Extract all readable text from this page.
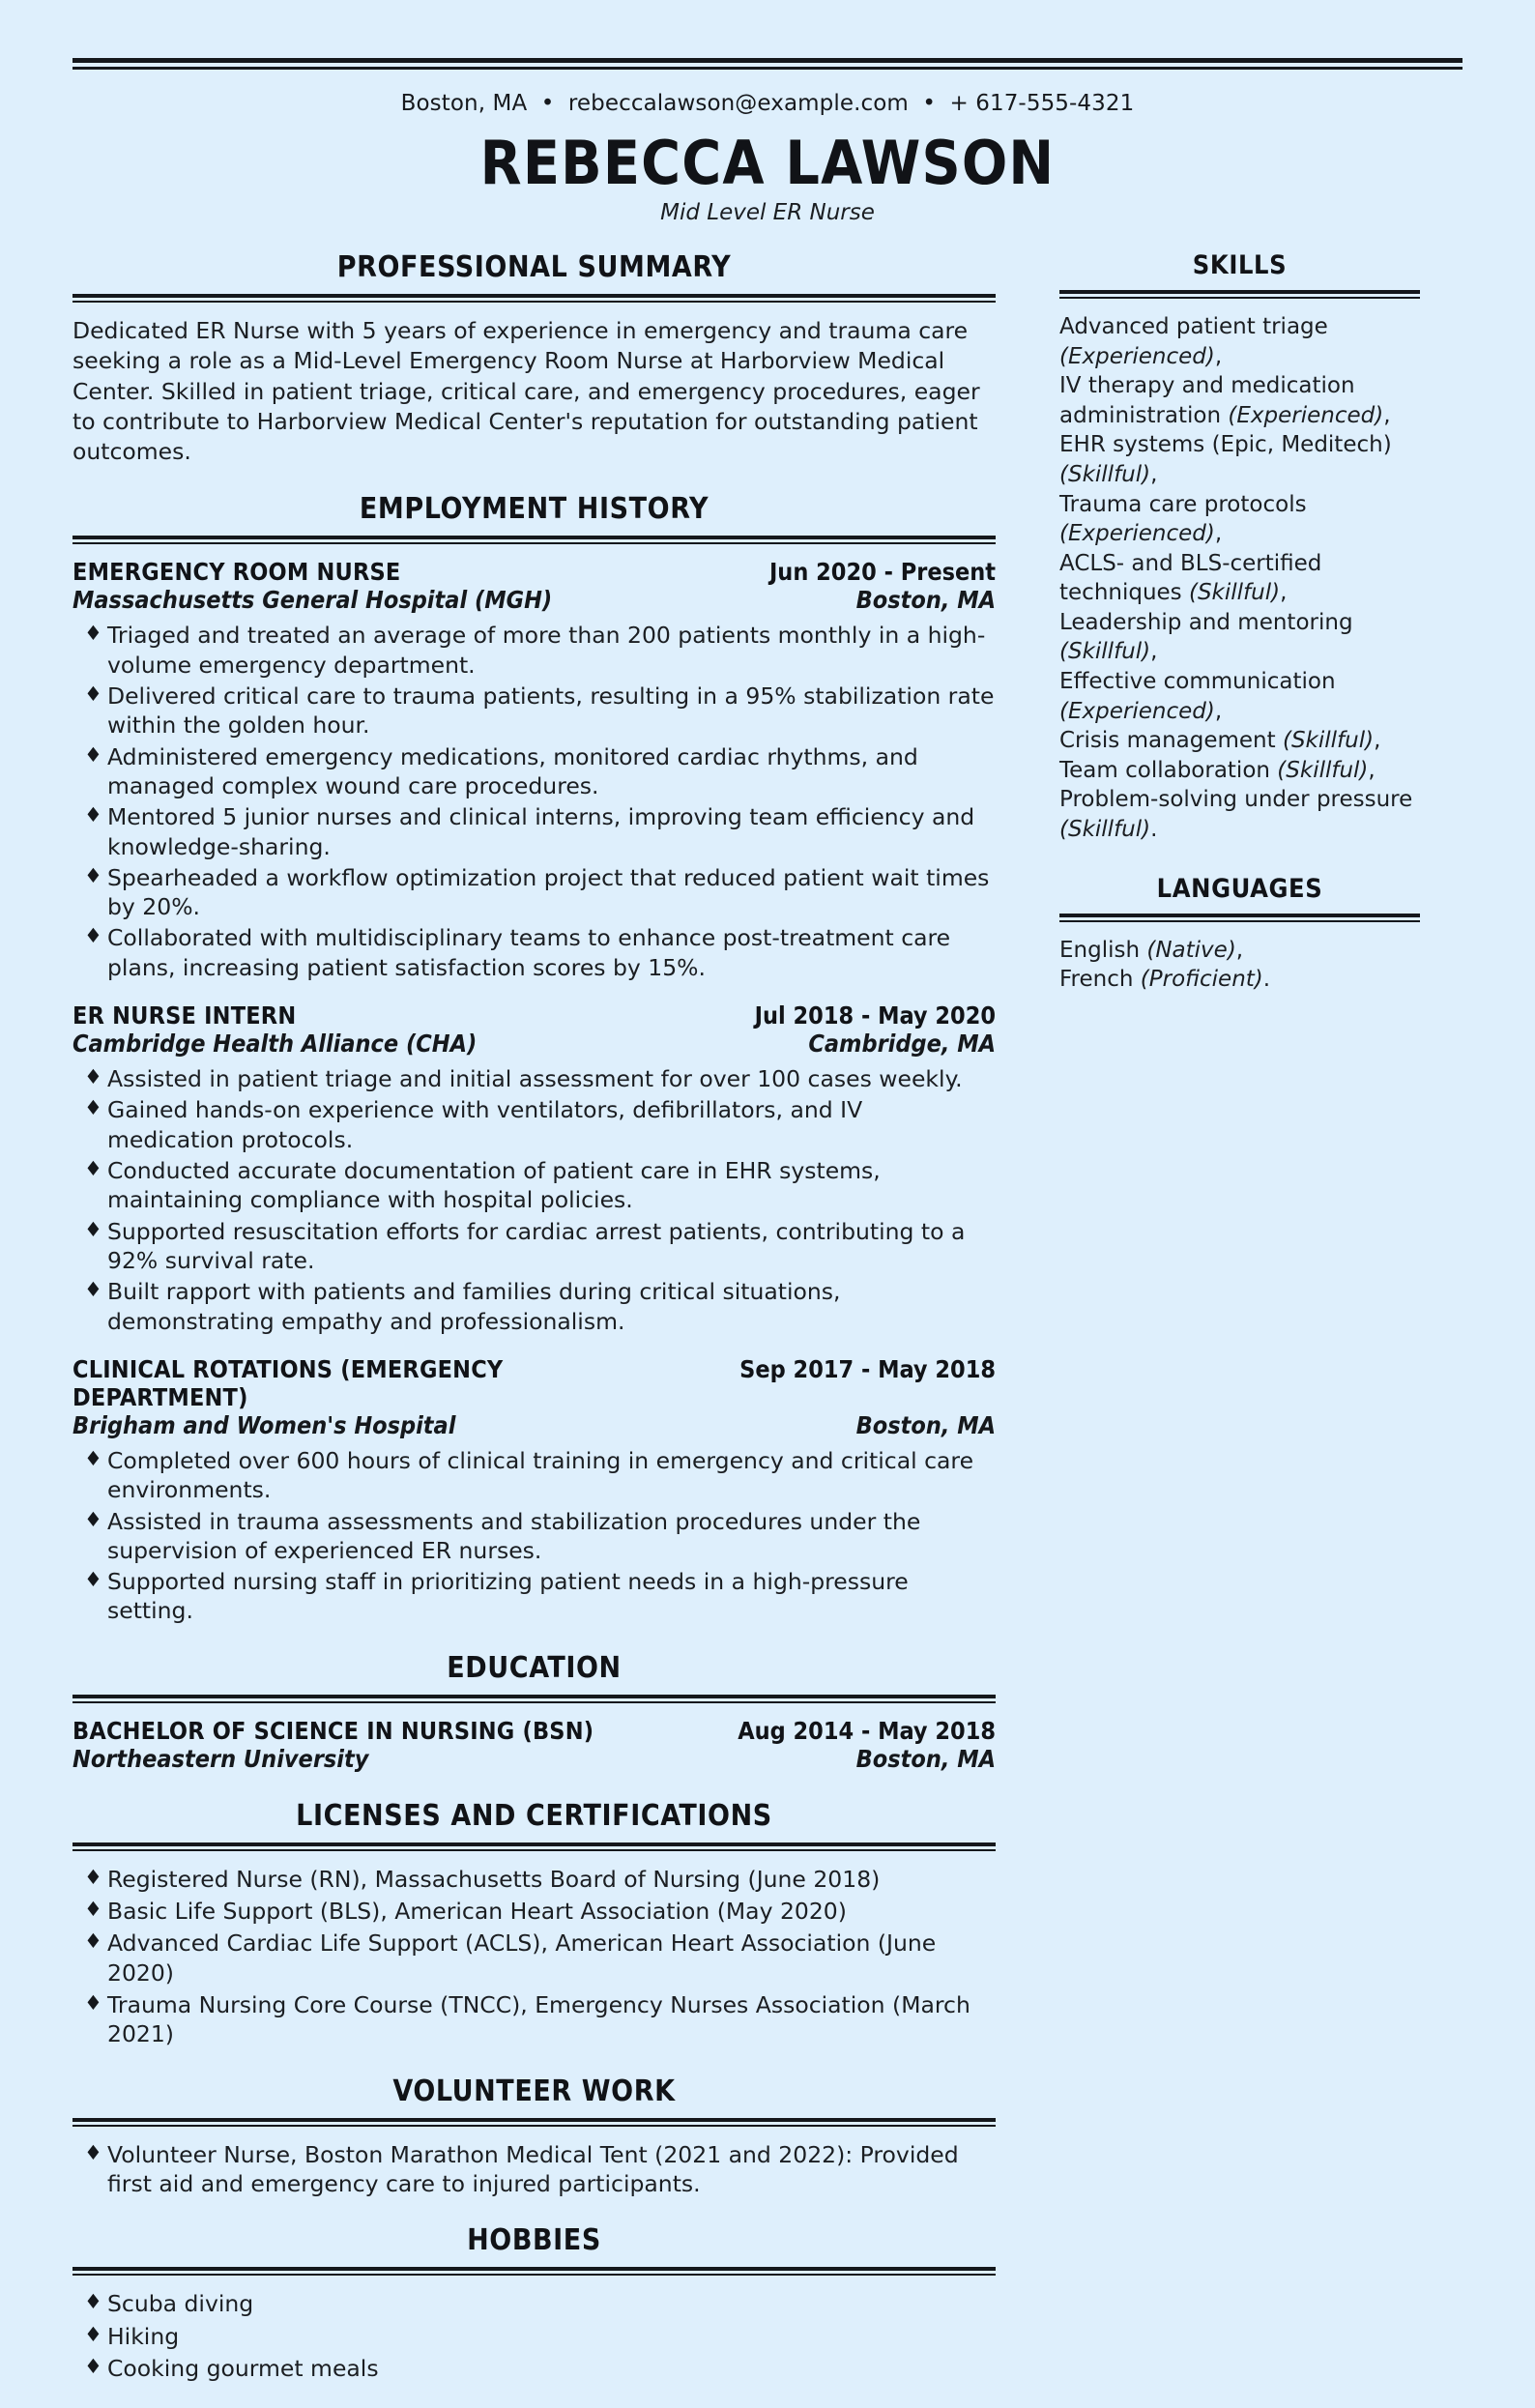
Boston, MA • rebeccalawson@example.com • + 617-555-4321
REBECCA LAWSON
Mid Level ER Nurse
PROFESSIONAL SUMMARY

Dedicated ER Nurse with 5 years of experience in emergency and trauma care seeking a role as a Mid-Level Emergency Room Nurse at Harborview Medical Center. Skilled in patient triage, critical care, and emergency procedures, eager to contribute to Harborview Medical Center's reputation for outstanding patient outcomes.

EMPLOYMENT HISTORY
EMERGENCY ROOM NURSE	Jun 2020 - Present
Massachusetts General Hospital (MGH)	Boston, MA
♦ Triaged and treated an average of more than 200 patients monthly in a high-volume emergency department.
♦ Delivered critical care to trauma patients, resulting in a 95% stabilization rate within the golden hour.
♦ Administered emergency medications, monitored cardiac rhythms, and managed complex wound care procedures.
♦ Mentored 5 junior nurses and clinical interns, improving team efficiency and knowledge-sharing.
♦ Spearheaded a workflow optimization project that reduced patient wait times by 20%.
♦ Collaborated with multidisciplinary teams to enhance post-treatment care plans, increasing patient satisfaction scores by 15%.
ER NURSE INTERN	Jul 2018 - May 2020
Cambridge Health Alliance (CHA)	Cambridge, MA
♦ Assisted in patient triage and initial assessment for over 100 cases weekly.
♦ Gained hands-on experience with ventilators, defibrillators, and IV medication protocols.
♦ Conducted accurate documentation of patient care in EHR systems, maintaining compliance with hospital policies.
♦ Supported resuscitation efforts for cardiac arrest patients, contributing to a 92% survival rate.
♦ Built rapport with patients and families during critical situations, demonstrating empathy and professionalism.
CLINICAL ROTATIONS (EMERGENCY DEPARTMENT)
Sep 2017 - May 2018
Brigham and Women's Hospital	Boston, MA
♦ Completed over 600 hours of clinical training in emergency and critical care environments.
♦ Assisted in trauma assessments and stabilization procedures under the supervision of experienced ER nurses.
♦ Supported nursing staff in prioritizing patient needs in a high-pressure setting.
EDUCATION
BACHELOR OF SCIENCE IN NURSING (BSN)	Aug 2014 - May 2018
Northeastern University	Boston, MA
LICENSES AND CERTIFICATIONS
♦ Registered Nurse (RN), Massachusetts Board of Nursing (June 2018)
♦ Basic Life Support (BLS), American Heart Association (May 2020)
♦ Advanced Cardiac Life Support (ACLS), American Heart Association (June 2020)
♦ Trauma Nursing Core Course (TNCC), Emergency Nurses Association (March 2021)
VOLUNTEER WORK
♦ Volunteer Nurse, Boston Marathon Medical Tent (2021 and 2022): Provided first aid and emergency care to injured participants.
HOBBIES
♦ Scuba diving
♦ Hiking
♦ Cooking gourmet meals
SKILLS

Advanced patient triage (Experienced),
IV therapy and medication administration (Experienced),
EHR systems (Epic, Meditech) (Skillful),
Trauma care protocols (Experienced),
ACLS- and BLS-certified techniques (Skillful),
Leadership and mentoring (Skillful),
Effective communication (Experienced),
Crisis management (Skillful),
Team collaboration (Skillful),
Problem-solving under pressure (Skillful).

LANGUAGES

English (Native),
French (Proficient).
